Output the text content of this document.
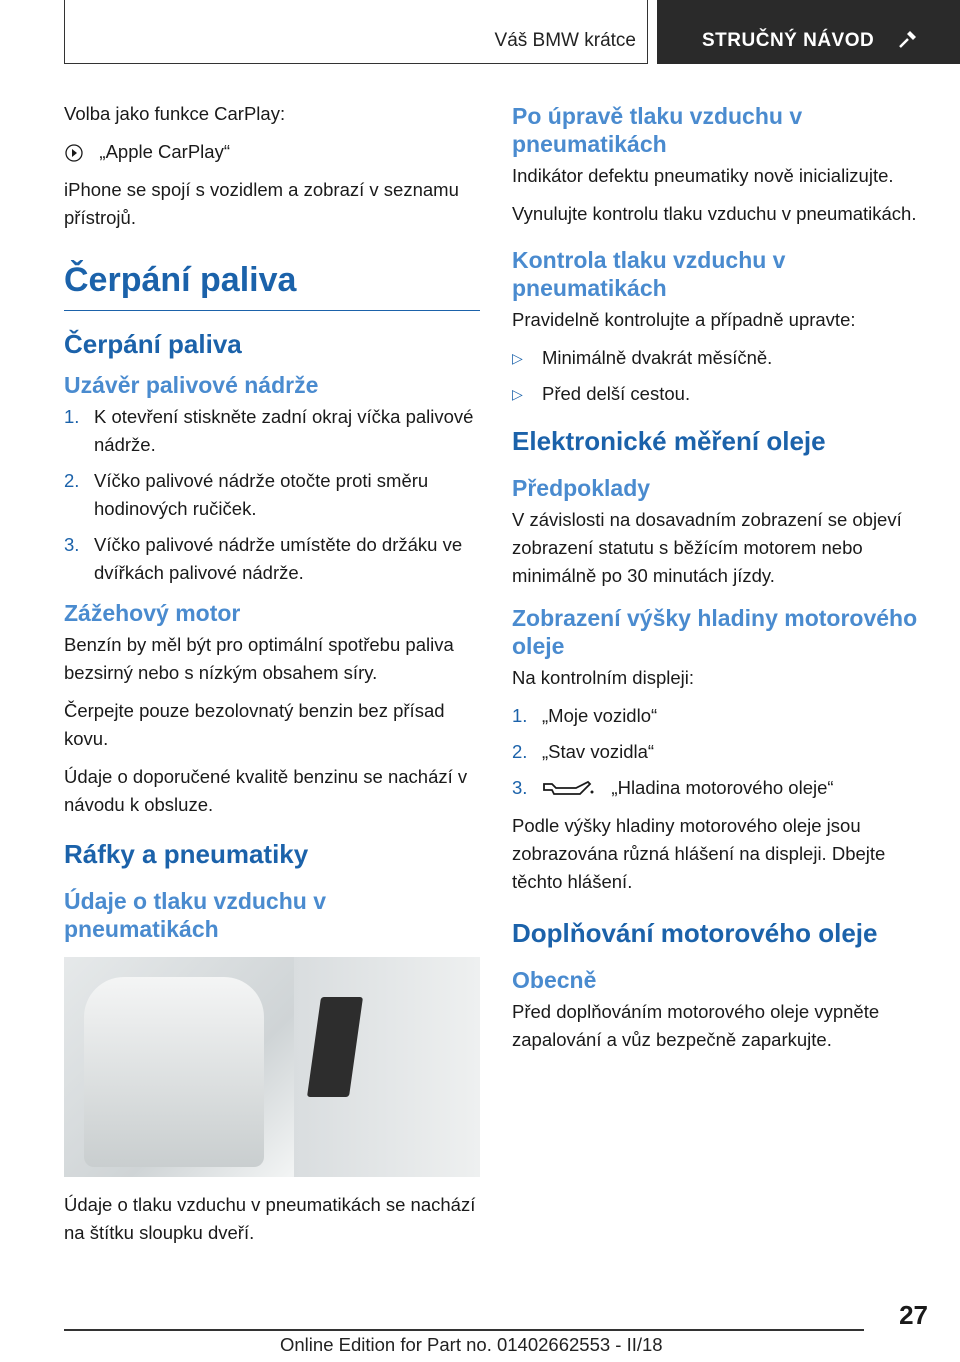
Váš BMW krátce	STRUČNÝ NÁVOD

Volba jako funkce CarPlay:

„Apple CarPlay“

iPhone se spojí s vozidlem a zobrazí v seznamu přístrojů.

Čerpání paliva
Čerpání paliva
Uzávěr palivové nádrže
1. K otevření stiskněte zadní okraj víčka palivové nádrže.
2. Víčko palivové nádrže otočte proti směru hodinových ručiček.
3. Víčko palivové nádrže umístěte do držáku ve dvířkách palivové nádrže.
Zážehový motor

Benzín by měl být pro optimální spotřebu paliva bezsirný nebo s nízkým obsahem síry.

Čerpejte pouze bezolovnatý benzin bez přísad kovu.

Údaje o doporučené kvalitě benzinu se nachází v návodu k obsluze.

Ráfky a pneumatiky
Údaje o tlaku vzduchu v pneumatikách

Údaje o tlaku vzduchu v pneumatikách se nachází na štítku sloupku dveří.

Po úpravě tlaku vzduchu v pneumatikách

Indikátor defektu pneumatiky nově inicializujte.

Vynulujte kontrolu tlaku vzduchu v pneumatikách.

Kontrola tlaku vzduchu v pneumatikách

Pravidelně kontrolujte a případně upravte:

▷ Minimálně dvakrát měsíčně.
▷ Před delší cestou.
Elektronické měření oleje
Předpoklady

V závislosti na dosavadním zobrazení se objeví zobrazení statutu s běžícím motorem nebo minimálně po 30 minutách jízdy.

Zobrazení výšky hladiny motorového oleje

Na kontrolním displeji:

1. „Moje vozidlo“
2. „Stav vozidla“
3.	„Hladina motorového oleje“

Podle výšky hladiny motorového oleje jsou zobrazována různá hlášení na displeji. Dbejte těchto hlášení.

Doplňování motorového oleje
Obecně

Před doplňováním motorového oleje vypněte zapalování a vůz bezpečně zaparkujte.

27
Online Edition for Part no. 01402662553 - II/18
